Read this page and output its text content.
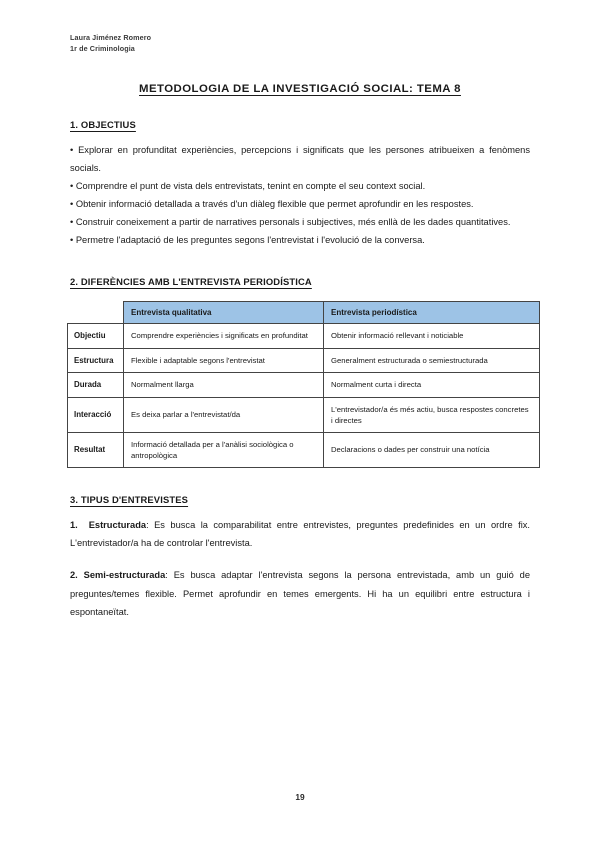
Laura Jiménez Romero
1r de Criminologia
METODOLOGIA DE LA INVESTIGACIÓ SOCIAL: TEMA 8
1. OBJECTIUS

• Explorar en profunditat experiències, percepcions i significats que les persones atribueixen a fenòmens socials.

• Comprendre el punt de vista dels entrevistats, tenint en compte el seu context social.

• Obtenir informació detallada a través d'un diàleg flexible que permet aprofundir en les respostes.

• Construir coneixement a partir de narratives personals i subjectives, més enllà de les dades quantitatives.

• Permetre l'adaptació de les preguntes segons l'entrevistat i l'evolució de la conversa.

2. DIFERÈNCIES AMB L'ENTREVISTA PERIODÍSTICA
	Entrevista qualitativa	Entrevista periodística
Objectiu	Comprendre experiències i significats en profunditat	Obtenir informació rellevant i noticiable
Estructura	Flexible i adaptable segons l'entrevistat	Generalment estructurada o semiestructurada
Durada	Normalment llarga	Normalment curta i directa
Interacció	Es deixa parlar a l'entrevistat/da	L'entrevistador/a és més actiu, busca respostes concretes i directes
Resultat	Informació detallada per a l'anàlisi sociològica o antropològica	Declaracions o dades per construir una notícia
3. TIPUS D'ENTREVISTES

1. Estructurada: Es busca la comparabilitat entre entrevistes, preguntes predefinides en un ordre fix. L'entrevistador/a ha de controlar l'entrevista.

2. Semi-estructurada: Es busca adaptar l'entrevista segons la persona entrevistada, amb un guió de preguntes/temes flexible. Permet aprofundir en temes emergents. Hi ha un equilibri entre estructura i espontaneïtat.

19
